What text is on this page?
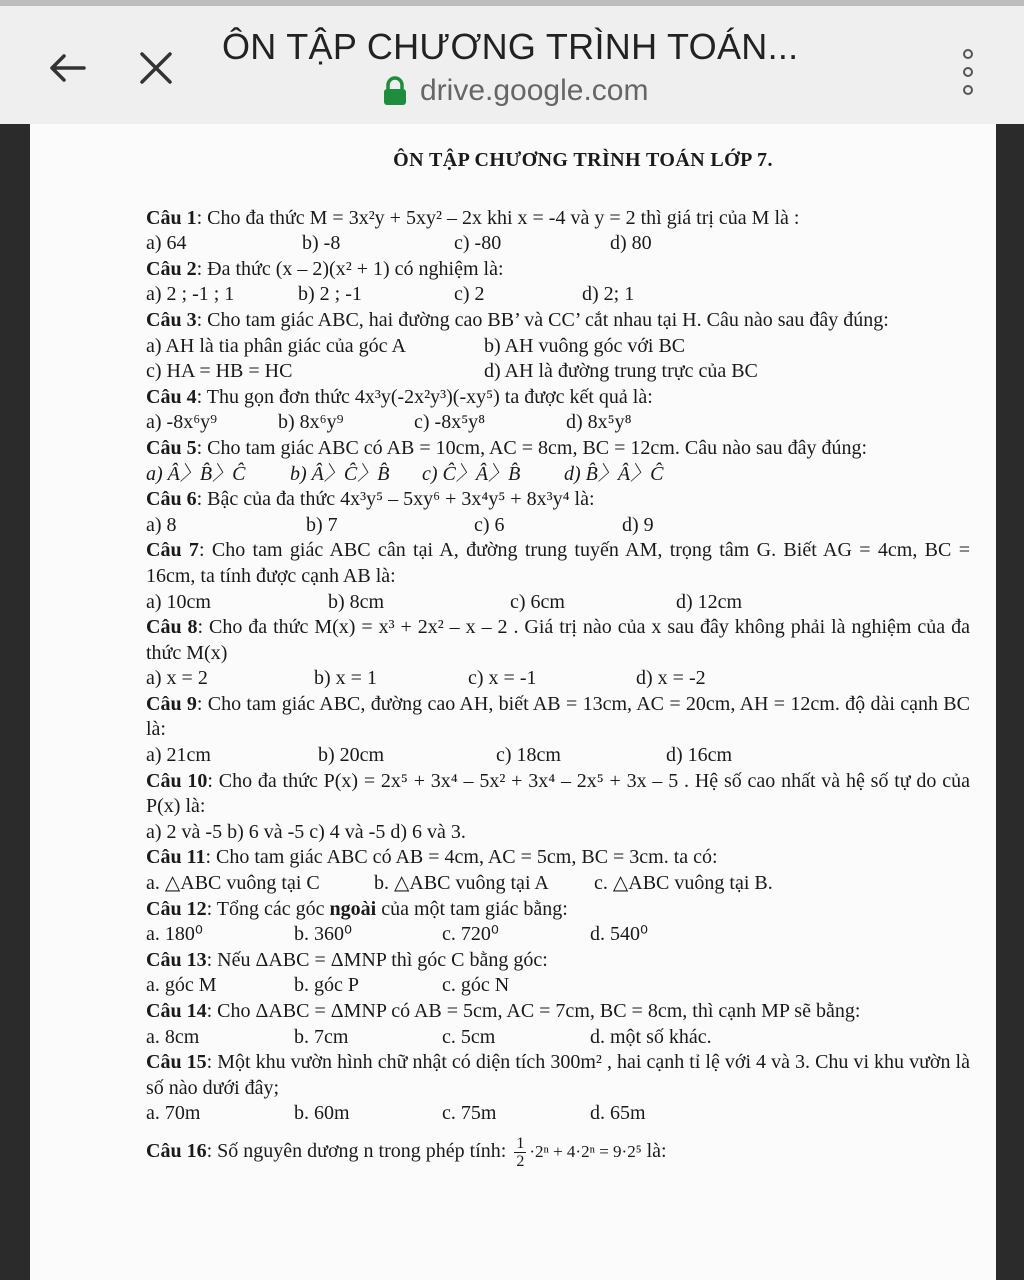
ÔN TẬP CHƯƠNG TRÌNH TOÁN...
drive.google.com
ÔN TẬP CHƯƠNG TRÌNH TOÁN LỚP 7.

Câu 1: Cho đa thức M = 3x²y + 5xy² – 2x khi x = -4 và y = 2 thì giá trị của M là :

a) 64	b) -8	c) -80	d) 80

Câu 2: Đa thức (x – 2)(x² + 1) có nghiệm là:

a) 2 ; -1 ; 1	b) 2 ; -1	c) 2	d) 2; 1

Câu 3: Cho tam giác ABC, hai đường cao BB’ và CC’ cắt nhau tại H. Câu nào sau đây đúng:

a) AH là tia phân giác của góc A	b) AH vuông góc với BC
c) HA = HB = HC	d) AH là đường trung trực của BC

Câu 4: Thu gọn đơn thức 4x³y(-2x²y³)(-xy⁵) ta được kết quả là:

a) -8x⁶y⁹	b) 8x⁶y⁹	c) -8x⁵y⁸	d) 8x⁵y⁸

Câu 5: Cho tam giác ABC có AB = 10cm, AC = 8cm, BC = 12cm. Câu nào sau đây đúng:

a) Â〉B̂〉Ĉ b) Â〉Ĉ〉B̂ c) Ĉ〉Â〉B̂ d) B̂〉Â〉Ĉ

Câu 6: Bậc của đa thức 4x³y⁵ – 5xy⁶ + 3x⁴y⁵ + 8x³y⁴ là:

a) 8	b) 7	c) 6	d) 9

Câu 7: Cho tam giác ABC cân tại A, đường trung tuyến AM, trọng tâm G. Biết AG = 4cm, BC = 16cm, ta tính được cạnh AB là:

a) 10cm	b) 8cm	c) 6cm	d) 12cm

Câu 8: Cho đa thức M(x) = x³ + 2x² – x – 2 . Giá trị nào của x sau đây không phải là nghiệm của đa thức M(x)

a) x = 2	b) x = 1	c) x = -1	d) x = -2

Câu 9: Cho tam giác ABC, đường cao AH, biết AB = 13cm, AC = 20cm, AH = 12cm. độ dài cạnh BC là:

a) 21cm	b) 20cm	c) 18cm	d) 16cm

Câu 10: Cho đa thức P(x) = 2x⁵ + 3x⁴ – 5x² + 3x⁴ – 2x⁵ + 3x – 5 . Hệ số cao nhất và hệ số tự do của P(x) là:

a) 2 và -5 b) 6 và -5 c) 4 và -5 d) 6 và 3.

Câu 11: Cho tam giác ABC có AB = 4cm, AC = 5cm, BC = 3cm. ta có:

a. △ABC vuông tại C	b. △ABC vuông tại A c. △ABC vuông tại B.

Câu 12: Tổng các góc ngoài của một tam giác bằng:

a. 180⁰	b. 360⁰	c. 720⁰	d. 540⁰

Câu 13: Nếu ΔABC = ΔMNP thì góc C bằng góc:

a. góc M	b. góc P	c. góc N

Câu 14: Cho ΔABC = ΔMNP có AB = 5cm, AC = 7cm, BC = 8cm, thì cạnh MP sẽ bằng:

a. 8cm	b. 7cm	c. 5cm	d. một số khác.

Câu 15: Một khu vườn hình chữ nhật có diện tích 300m² , hai cạnh tỉ lệ với 4 và 3. Chu vi khu vườn là số nào dưới đây;

a. 70m	b. 60m	c. 75m	d. 65m

Câu 16: Số nguyên dương n trong phép tính: $\frac{1}{2} \cdot 2^n + 4\cdot 2^n = 9\cdot 2^5$ là:
